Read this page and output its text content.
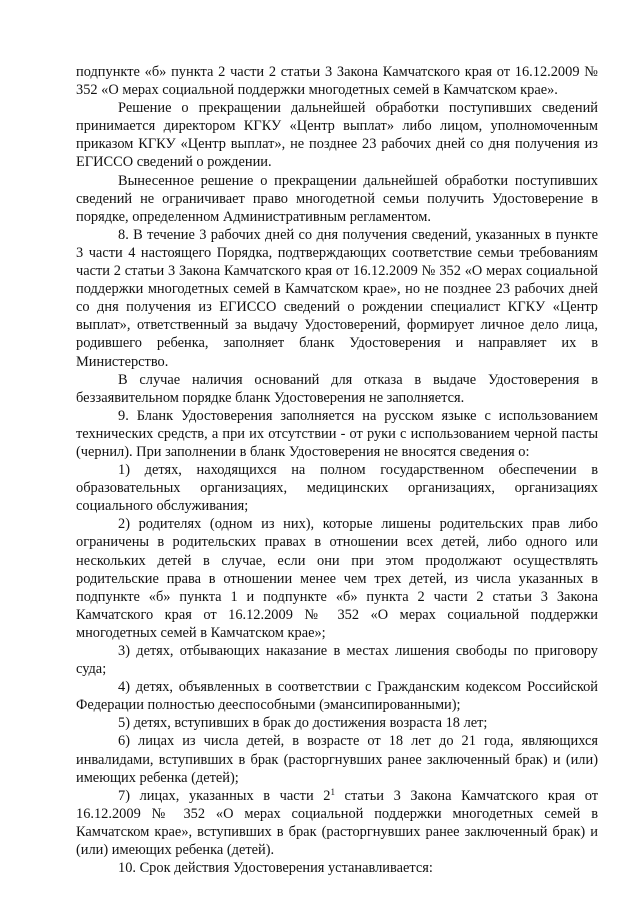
подпункте «б» пункта 2 части 2 статьи 3 Закона Камчатского края от 16.12.2009 № 352 «О мерах социальной поддержки многодетных семей в Камчатском крае».

Решение о прекращении дальнейшей обработки поступивших сведений принимается директором КГКУ «Центр выплат» либо лицом, уполномоченным приказом КГКУ «Центр выплат», не позднее 23 рабочих дней со дня получения из ЕГИССО сведений о рождении.

Вынесенное решение о прекращении дальнейшей обработки поступивших сведений не ограничивает право многодетной семьи получить Удостоверение в порядке, определенном Административным регламентом.

8. В течение 3 рабочих дней со дня получения сведений, указанных в пункте 3 части 4 настоящего Порядка, подтверждающих соответствие семьи требованиям части 2 статьи 3 Закона Камчатского края от 16.12.2009 № 352 «О мерах социальной поддержки многодетных семей в Камчатском крае», но не позднее 23 рабочих дней со дня получения из ЕГИССО сведений о рождении специалист КГКУ «Центр выплат», ответственный за выдачу Удостоверений, формирует личное дело лица, родившего ребенка, заполняет бланк Удостоверения и направляет их в Министерство.

В случае наличия оснований для отказа в выдаче Удостоверения в беззаявительном порядке бланк Удостоверения не заполняется.

9. Бланк Удостоверения заполняется на русском языке с использованием технических средств, а при их отсутствии - от руки с использованием черной пасты (чернил). При заполнении в бланк Удостоверения не вносятся сведения о:

1) детях, находящихся на полном государственном обеспечении в образовательных организациях, медицинских организациях, организациях социального обслуживания;

2) родителях (одном из них), которые лишены родительских прав либо ограничены в родительских правах в отношении всех детей, либо одного или нескольких детей в случае, если они при этом продолжают осуществлять родительские права в отношении менее чем трех детей, из числа указанных в подпункте «б» пункта 1 и подпункте «б» пункта 2 части 2 статьи 3 Закона Камчатского края от 16.12.2009 № 352 «О мерах социальной поддержки многодетных семей в Камчатском крае»;

3) детях, отбывающих наказание в местах лишения свободы по приговору суда;

4) детях, объявленных в соответствии с Гражданским кодексом Российской Федерации полностью дееспособными (эмансипированными);

5) детях, вступивших в брак до достижения возраста 18 лет;

6) лицах из числа детей, в возрасте от 18 лет до 21 года, являющихся инвалидами, вступивших в брак (расторгнувших ранее заключенный брак) и (или) имеющих ребенка (детей);

7) лицах, указанных в части $2^1$ статьи 3 Закона Камчатского края от 16.12.2009 № 352 «О мерах социальной поддержки многодетных семей в Камчатском крае», вступивших в брак (расторгнувших ранее заключенный брак) и (или) имеющих ребенка (детей).

10. Срок действия Удостоверения устанавливается:
